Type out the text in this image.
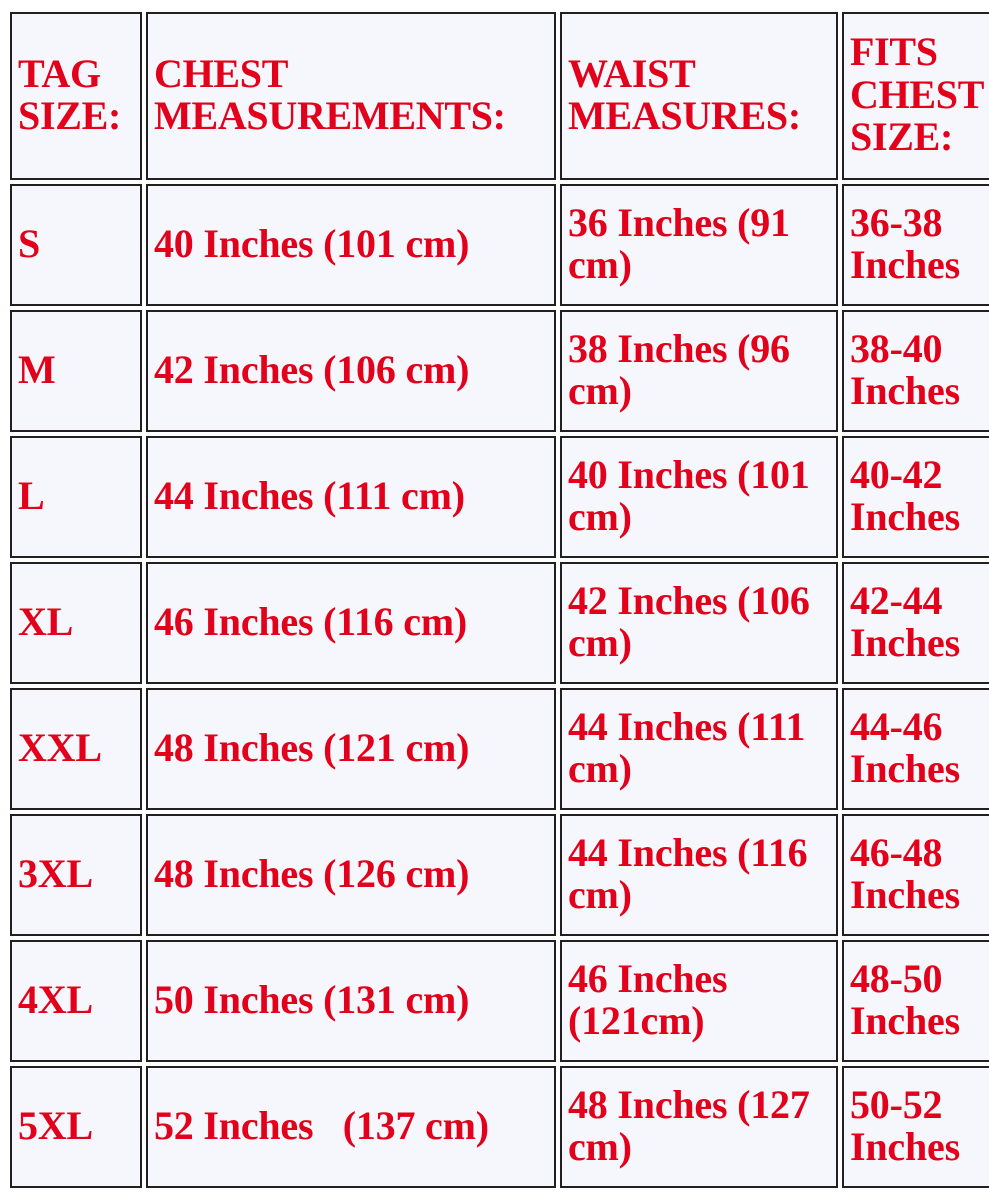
TAG SIZE:	CHEST MEASUREMENTS:	WAIST MEASURES:	FITS CHEST SIZE:
S	40 Inches (101 cm)	36 Inches (91 cm)	36-38 Inches
M	42 Inches (106 cm)	38 Inches (96 cm)	38-40 Inches
L	44 Inches (111 cm)	40 Inches (101 cm)	40-42 Inches
XL	46 Inches (116 cm)	42 Inches (106 cm)	42-44 Inches
XXL	48 Inches (121 cm)	44 Inches (111 cm)	44-46 Inches
3XL	48 Inches (126 cm)	44 Inches (116 cm)	46-48 Inches
4XL	50 Inches (131 cm)	46 Inches (121cm)	48-50 Inches
5XL	52 Inches   (137 cm)	48 Inches (127 cm)	50-52 Inches
